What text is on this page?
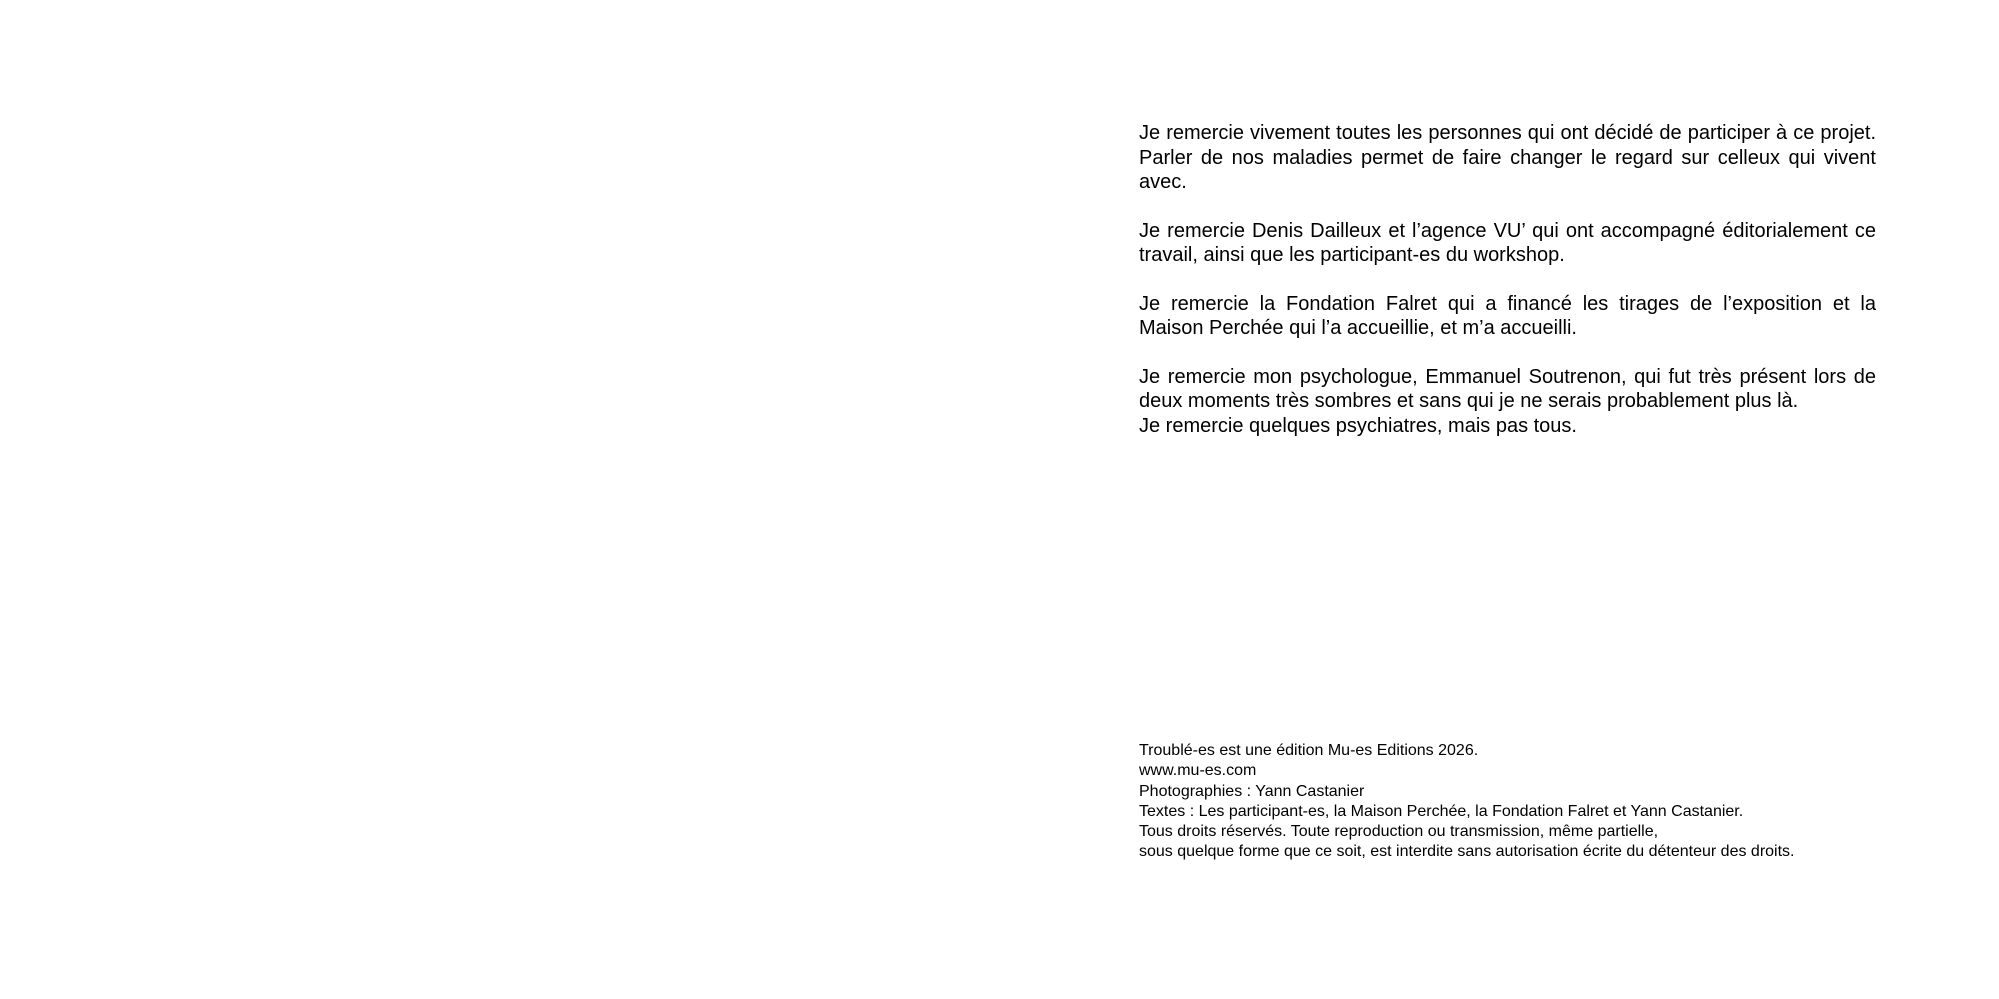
Je remercie vivement toutes les personnes qui ont décidé de participer à ce projet. Parler de nos maladies permet de faire changer le regard sur celleux qui vivent avec.

Je remercie Denis Dailleux et l’agence VU’ qui ont accompagné éditorialement ce travail, ainsi que les participant-es du workshop.

Je remercie la Fondation Falret qui a financé les tirages de l’exposition et la Maison Perchée qui l’a accueillie, et m’a accueilli.

Je remercie mon psychologue, Emmanuel Soutrenon, qui fut très présent lors de deux moments très sombres et sans qui je ne serais probablement plus là.
Je remercie quelques psychiatres, mais pas tous.

Troublé-es est une édition Mu-es Editions 2026.
www.mu-es.com
Photographies : Yann Castanier
Textes : Les participant-es, la Maison Perchée, la Fondation Falret et Yann Castanier.
Tous droits réservés. Toute reproduction ou transmission, même partielle,
sous quelque forme que ce soit, est interdite sans autorisation écrite du détenteur des droits.
